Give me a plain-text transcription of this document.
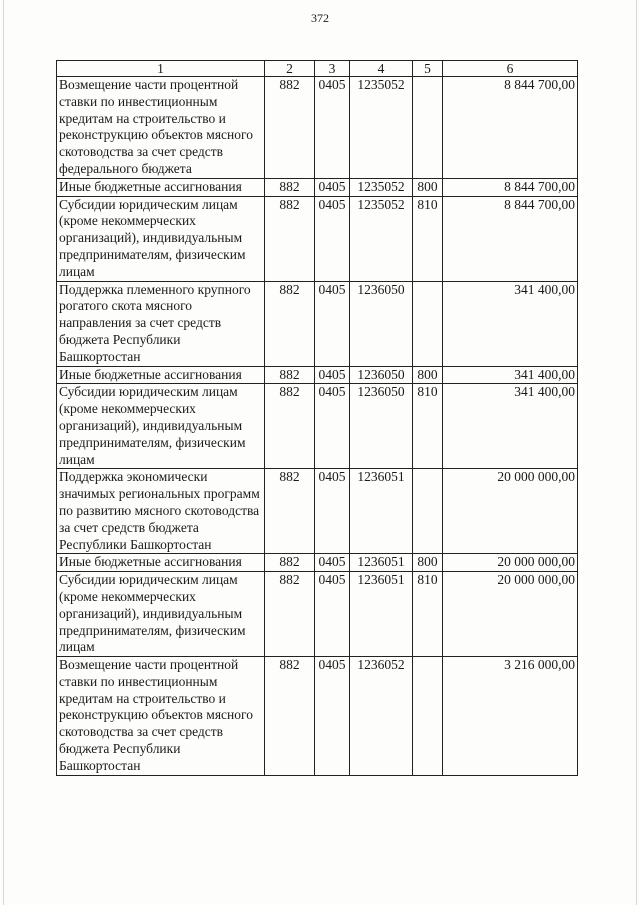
372
1	2	3	4	5	6
Возмещение части процентной ставки по инвестиционным кредитам на строительство и реконструкцию объектов мясного скотоводства за счет средств федерального бюджета	882	0405	1235052		8 844 700,00
Иные бюджетные ассигнования	882	0405	1235052	800	8 844 700,00
Субсидии юридическим лицам (кроме некоммерческих организаций), индивидуальным предпринимателям, физическим лицам	882	0405	1235052	810	8 844 700,00
Поддержка племенного крупного рогатого скота мясного направления за счет средств бюджета Республики Башкортостан	882	0405	1236050		341 400,00
Иные бюджетные ассигнования	882	0405	1236050	800	341 400,00
Субсидии юридическим лицам (кроме некоммерческих организаций), индивидуальным предпринимателям, физическим лицам	882	0405	1236050	810	341 400,00
Поддержка экономически значимых региональных программ по развитию мясного скотоводства за счет средств бюджета Республики Башкортостан	882	0405	1236051		20 000 000,00
Иные бюджетные ассигнования	882	0405	1236051	800	20 000 000,00
Субсидии юридическим лицам (кроме некоммерческих организаций), индивидуальным предпринимателям, физическим лицам	882	0405	1236051	810	20 000 000,00
Возмещение части процентной ставки по инвестиционным кредитам на строительство и реконструкцию объектов мясного скотоводства за счет средств бюджета Республики Башкортостан	882	0405	1236052		3 216 000,00
